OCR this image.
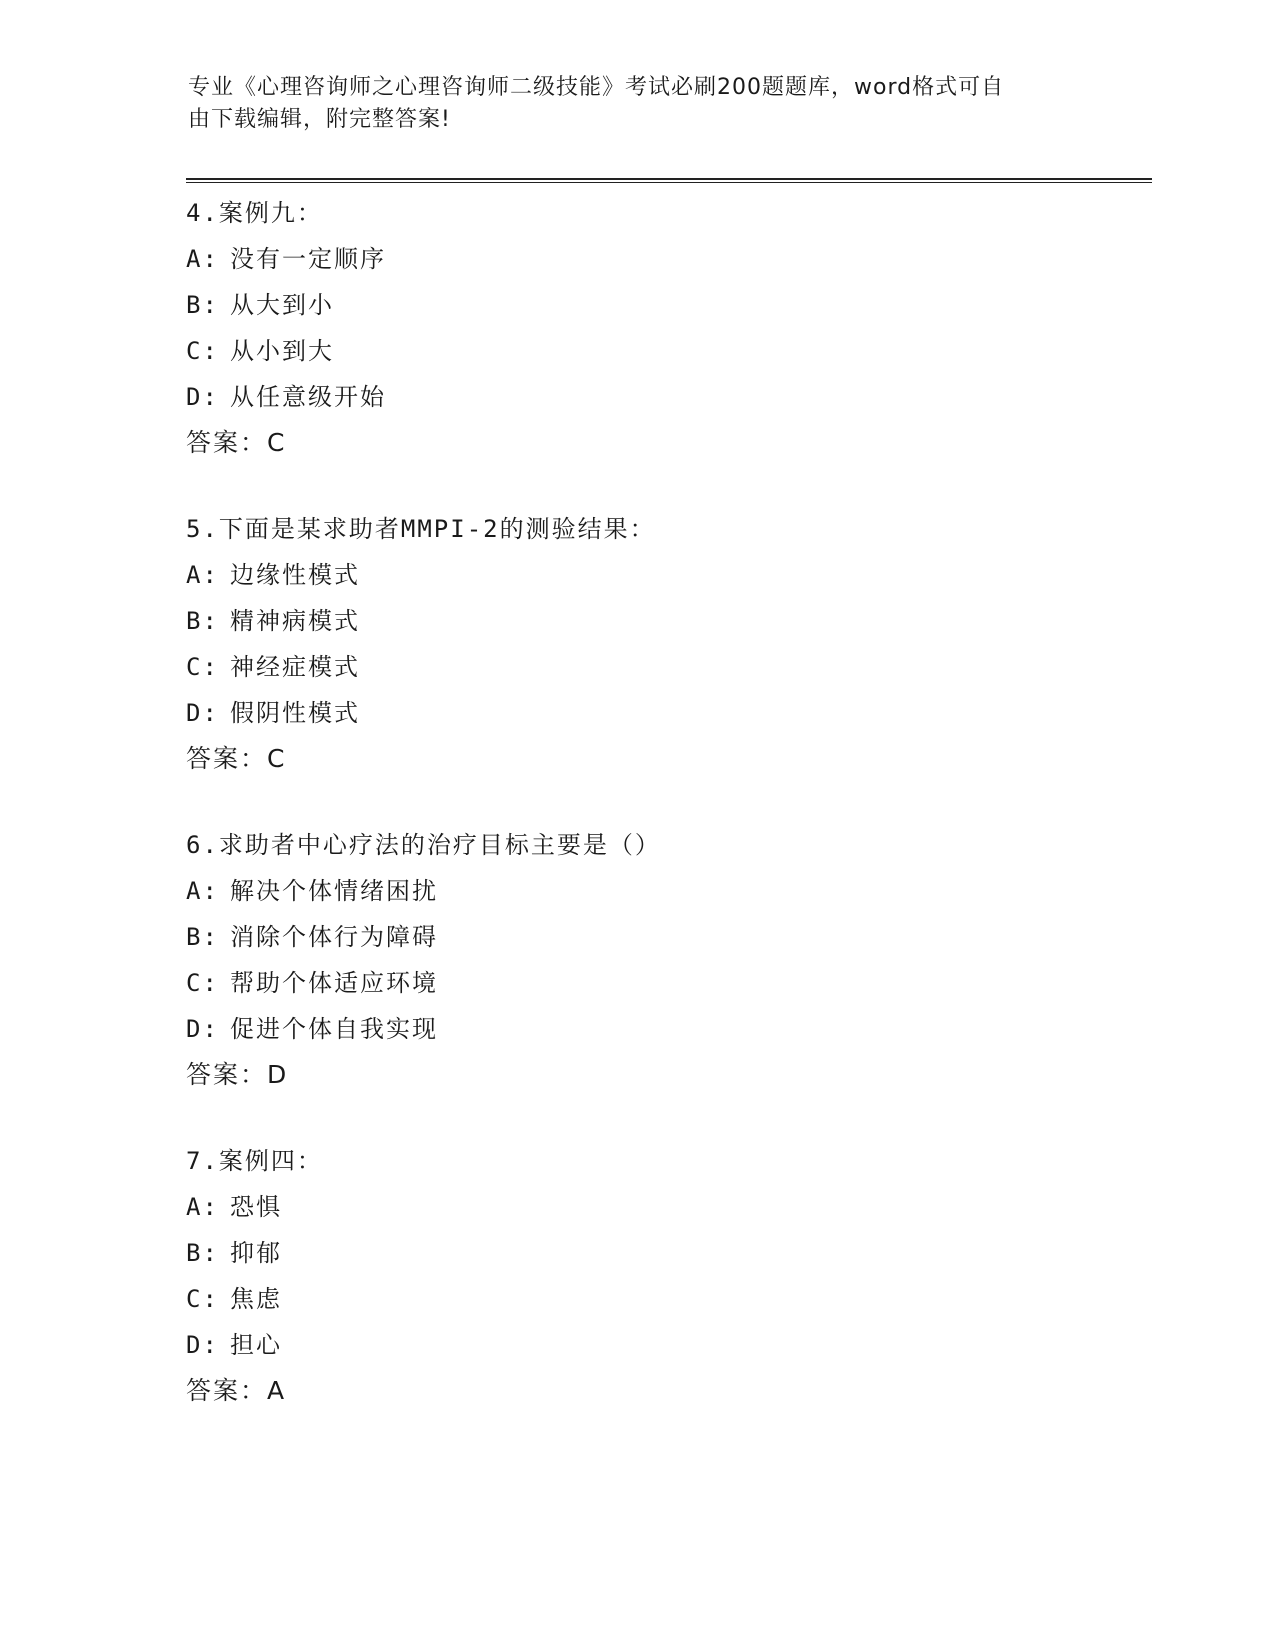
专业《心理咨询师之心理咨询师二级技能》考试必刷200题题库，word格式可自
由下载编辑，附完整答案!
4.案例九：
A: 没有一定顺序
B: 从大到小
C: 从小到大
D: 从任意级开始
答案：C
5.下面是某求助者MMPI-2的测验结果：
A: 边缘性模式
B: 精神病模式
C: 神经症模式
D: 假阴性模式
答案：C
6.求助者中心疗法的治疗目标主要是（）
A: 解决个体情绪困扰
B: 消除个体行为障碍
C: 帮助个体适应环境
D: 促进个体自我实现
答案：D
7.案例四：
A: 恐惧
B: 抑郁
C: 焦虑
D: 担心
答案：A
